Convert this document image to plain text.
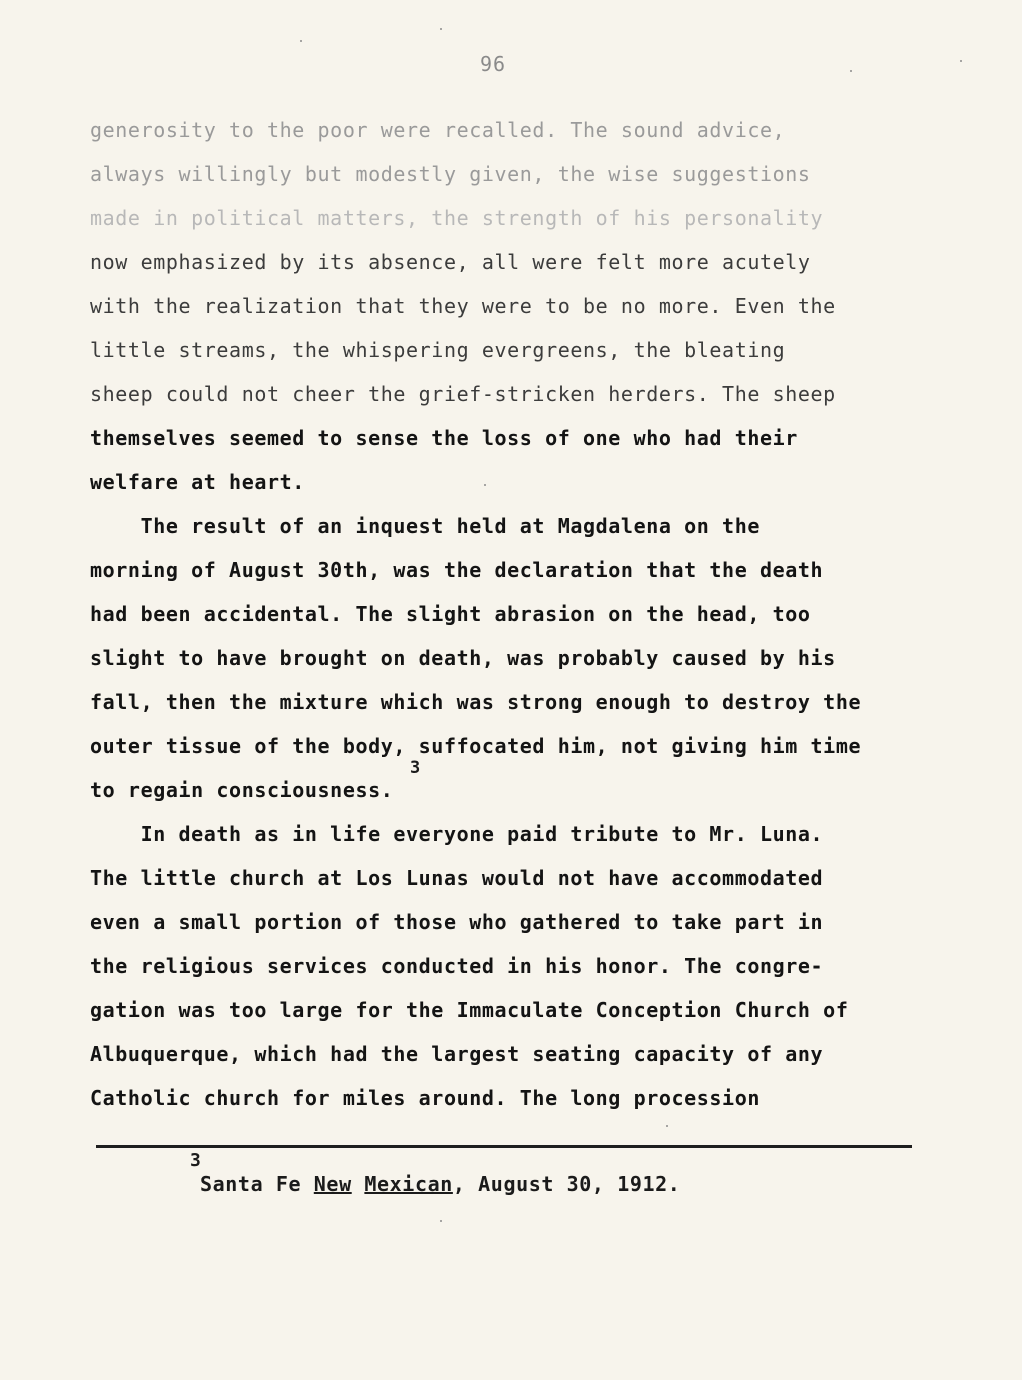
96
generosity to the poor were recalled. The sound advice,
always willingly but modestly given, the wise suggestions
made in political matters, the strength of his personality
now emphasized by its absence, all were felt more acutely
with the realization that they were to be no more. Even the
little streams, the whispering evergreens, the bleating
sheep could not cheer the grief-stricken herders. The sheep
themselves seemed to sense the loss of one who had their
welfare at heart.
The result of an inquest held at Magdalena on the
morning of August 30th, was the declaration that the death
had been accidental. The slight abrasion on the head, too
slight to have brought on death, was probably caused by his
fall, then the mixture which was strong enough to destroy the
outer tissue of the body, suffocated him, not giving him time
to regain consciousness.
3
In death as in life everyone paid tribute to Mr. Luna.
The little church at Los Lunas would not have accommodated
even a small portion of those who gathered to take part in
the religious services conducted in his honor. The congre-
gation was too large for the Immaculate Conception Church of
Albuquerque, which had the largest seating capacity of any
Catholic church for miles around. The long procession
3
Santa Fe New Mexican, August 30, 1912.
